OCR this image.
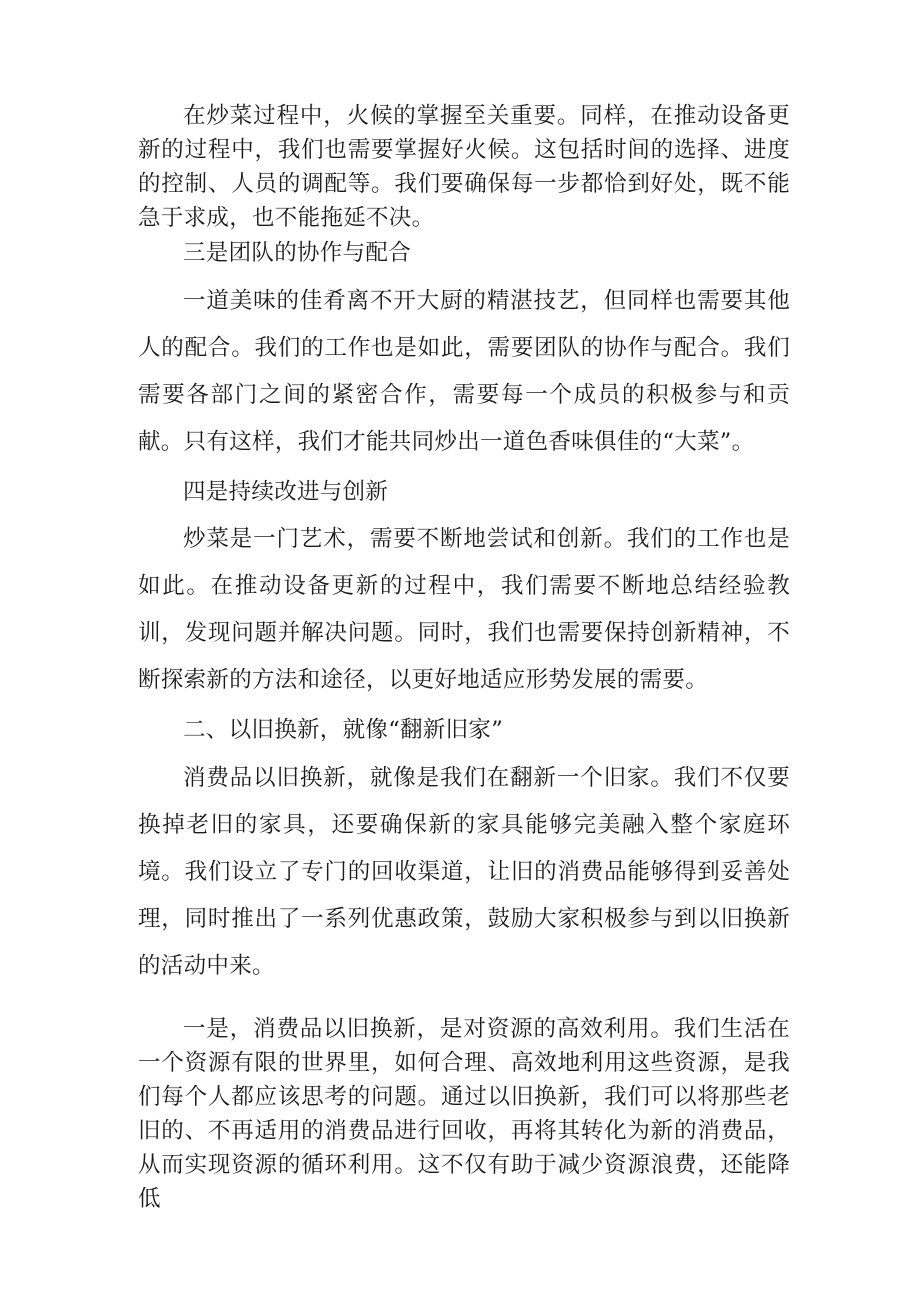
在炒菜过程中，火候的掌握至关重要。同样，在推动设备更新的过程中，我们也需要掌握好火候。这包括时间的选择、进度的控制、人员的调配等。我们要确保每一步都恰到好处，既不能急于求成，也不能拖延不决。

三是团队的协作与配合

一道美味的佳肴离不开大厨的精湛技艺，但同样也需要其他人的配合。我们的工作也是如此，需要团队的协作与配合。我们需要各部门之间的紧密合作，需要每一个成员的积极参与和贡献。只有这样，我们才能共同炒出一道色香味俱佳的“大菜”。

四是持续改进与创新

炒菜是一门艺术，需要不断地尝试和创新。我们的工作也是如此。在推动设备更新的过程中，我们需要不断地总结经验教训，发现问题并解决问题。同时，我们也需要保持创新精神，不断探索新的方法和途径，以更好地适应形势发展的需要。

二、以旧换新，就像“翻新旧家”

消费品以旧换新，就像是我们在翻新一个旧家。我们不仅要换掉老旧的家具，还要确保新的家具能够完美融入整个家庭环境。我们设立了专门的回收渠道，让旧的消费品能够得到妥善处理，同时推出了一系列优惠政策，鼓励大家积极参与到以旧换新的活动中来。

一是，消费品以旧换新，是对资源的高效利用。我们生活在一个资源有限的世界里，如何合理、高效地利用这些资源，是我们每个人都应该思考的问题。通过以旧换新，我们可以将那些老旧的、不再适用的消费品进行回收，再将其转化为新的消费品，从而实现资源的循环利用。这不仅有助于减少资源浪费，还能降低
